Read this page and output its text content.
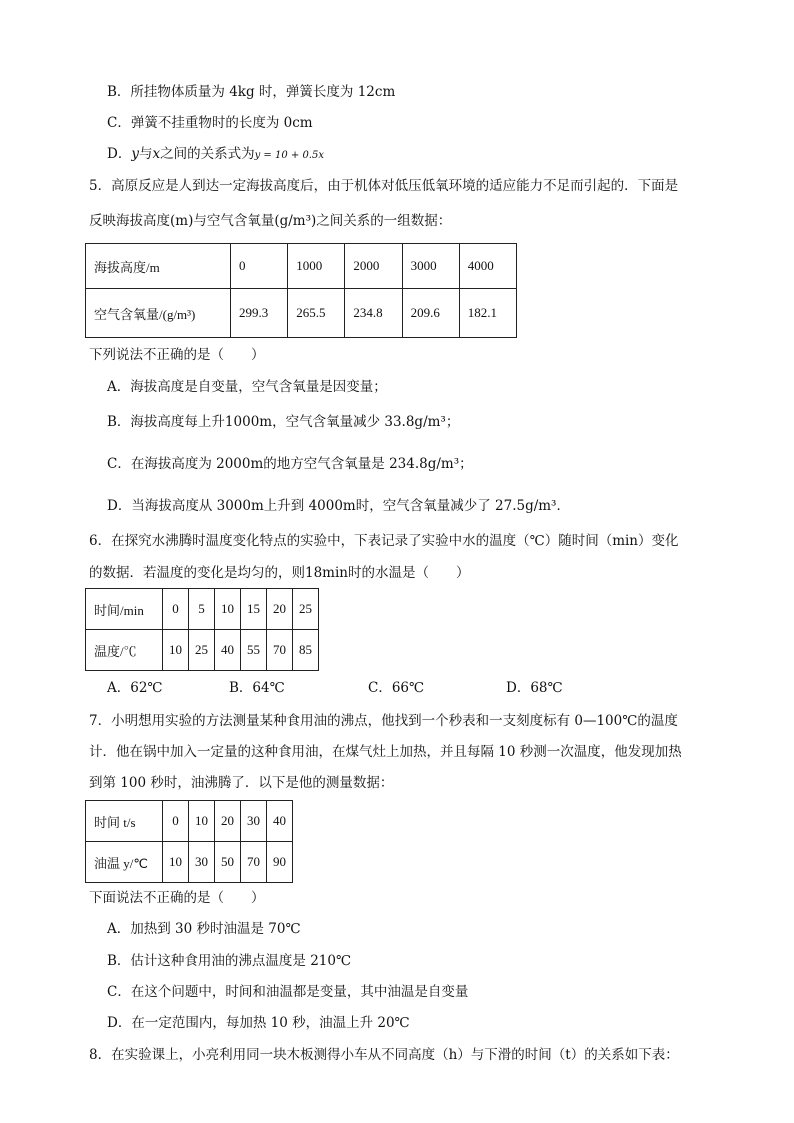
B．所挂物体质量为 4kg 时，弹簧长度为 12cm
C．弹簧不挂重物时的长度为 0cm
D．y与x之间的关系式为y = 10 + 0.5x
5．高原反应是人到达一定海拔高度后，由于机体对低压低氧环境的适应能力不足而引起的．下面是
反映海拔高度(m)与空气含氧量(g/m³)之间关系的一组数据：
海拔高度/m	0	1000	2000	3000	4000
空气含氧量/(g/m³)	299.3	265.5	234.8	209.6	182.1
下列说法不正确的是（　　）
A．海拔高度是自变量，空气含氧量是因变量；
B．海拔高度每上升1000m，空气含氧量减少 33.8g/m³；
C．在海拔高度为 2000m的地方空气含氧量是 234.8g/m³；
D．当海拔高度从 3000m上升到 4000m时，空气含氧量减少了 27.5g/m³．
6．在探究水沸腾时温度变化特点的实验中，下表记录了实验中水的温度（℃）随时间（min）变化
的数据．若温度的变化是均匀的，则18min时的水温是（　　）
时间/min	0	5	10	15	20	25
温度/℃	10	25	40	55	70	85
A．62℃	B．64℃	C．66℃	D．68℃
7．小明想用实验的方法测量某种食用油的沸点，他找到一个秒表和一支刻度标有 0—100℃的温度
计．他在锅中加入一定量的这种食用油，在煤气灶上加热，并且每隔 10 秒测一次温度，他发现加热
到第 100 秒时，油沸腾了．以下是他的测量数据：
时间 t/s	0	10	20	30	40
油温 y/℃	10	30	50	70	90
下面说法不正确的是（　　）
A．加热到 30 秒时油温是 70℃
B．估计这种食用油的沸点温度是 210℃
C．在这个问题中，时间和油温都是变量，其中油温是自变量
D．在一定范围内，每加热 10 秒，油温上升 20℃
8．在实验课上，小亮利用同一块木板测得小车从不同高度（h）与下滑的时间（t）的关系如下表：
